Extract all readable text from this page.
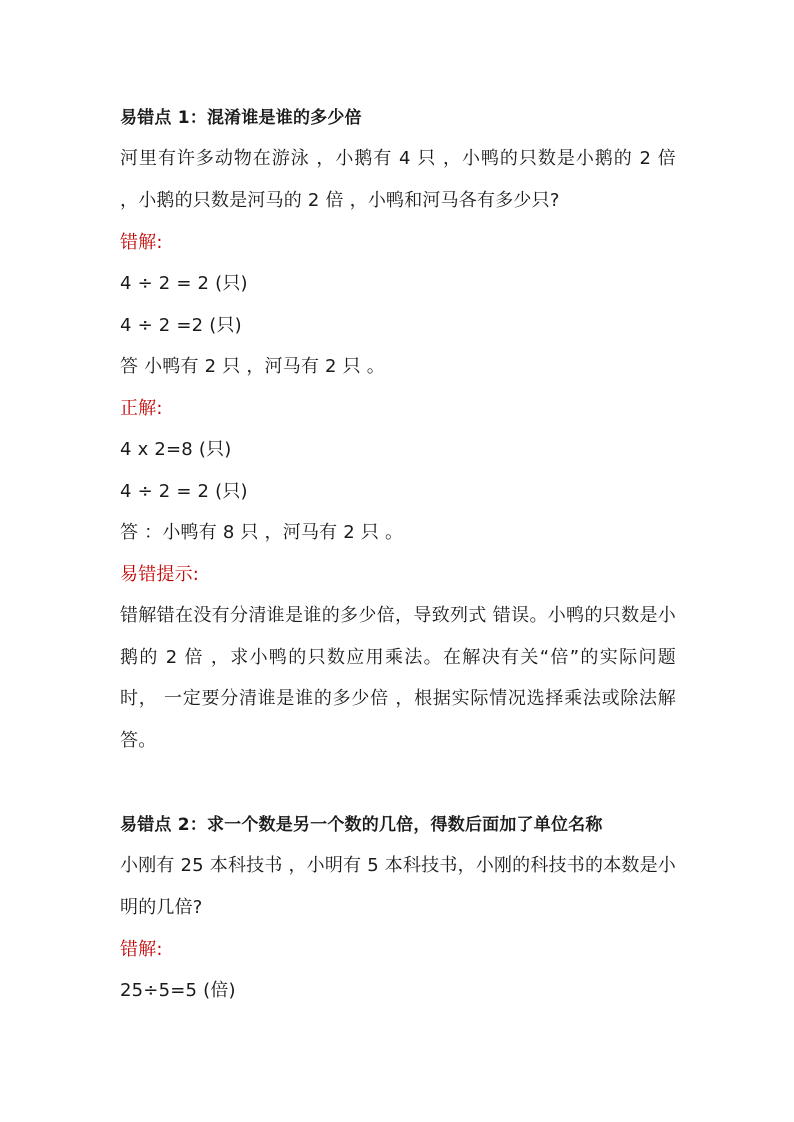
易错点 1：混淆谁是谁的多少倍
河里有许多动物在游泳 ，小鹅有 4 只 ，小鸭的只数是小鹅的 2 倍 ，小鹅的只数是河马的 2 倍 ，小鸭和河马各有多少只?
错解:
4 ÷ 2 = 2 (只)
4 ÷ 2 =2 (只)
答 小鸭有 2 只 ，河马有 2 只 。
正解:
4 x 2=8 (只)
4 ÷ 2 = 2 (只)
答 ：小鸭有 8 只 ，河马有 2 只 。
易错提示:
错解错在没有分清谁是谁的多少倍，导致列式 错误。小鸭的只数是小鹅的 2 倍 ，求小鸭的只数应用乘法。在解决有关“倍”的实际问题时， 一定要分清谁是谁的多少倍 ，根据实际情况选择乘法或除法解答。
易错点 2：求一个数是另一个数的几倍，得数后面加了单位名称
小刚有 25 本科技书 ，小明有 5 本科技书，小刚的科技书的本数是小明的几倍?
错解:
25÷5=5 (倍)
